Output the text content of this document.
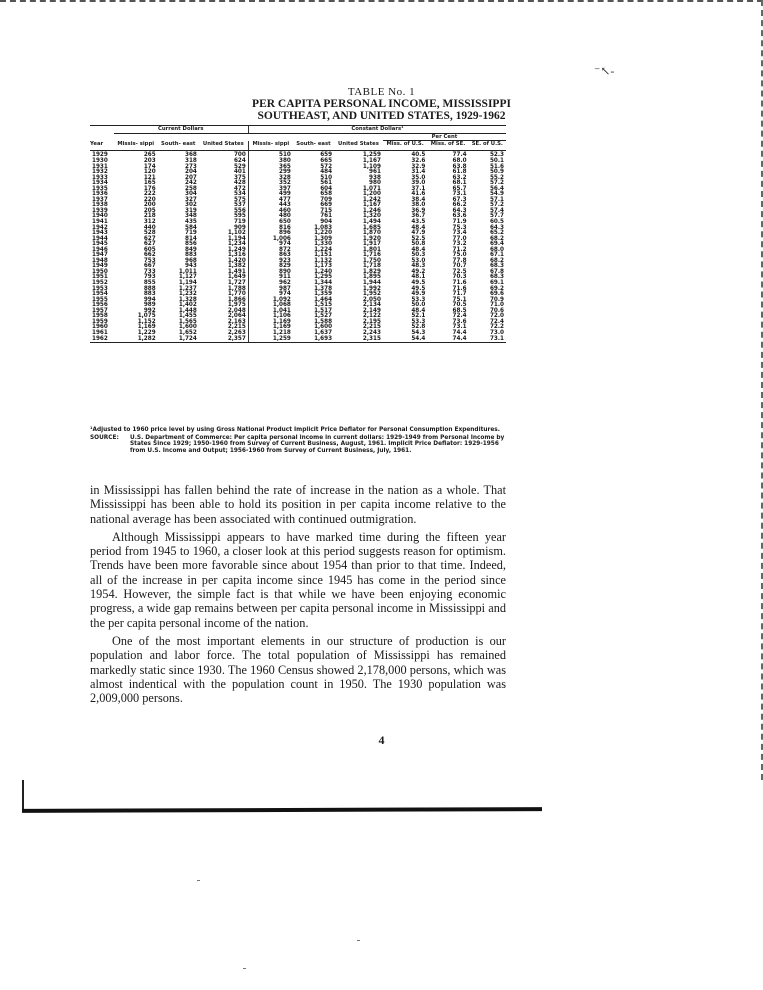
⁻↖-
TABLE No. 1
PER CAPITA PERSONAL INCOME, MISSISSIPPI
SOUTHEAST, AND UNITED STATES, 1929-1962
	Current Dollars			Constant Dollars¹					
							Per Cent		
Year	Missis- sippi	South- east	United States	Missis- sippi	South- east	United States	Miss. of U.S.	Miss. of SE.	SE. of U.S.
1929	265	368	700	510	659	1,259	40.5	77.4	52.3
1930	203	318	624	380	665	1,167	32.6	68.0	50.1
1931	174	273	529	365	572	1,109	32.9	63.8	51.6
1932	120	204	401	299	484	961	31.4	61.8	50.9
1933	121	207	375	328	510	938	35.0	63.2	55.2
1934	165	242	428	352	561	980	39.0	68.1	57.2
1935	176	258	472	397	604	1,071	37.1	65.7	56.4
1936	222	304	534	499	658	1,200	41.6	73.1	54.9
1937	220	327	575	477	709	1,242	38.4	67.3	57.1
1938	200	302	537	443	669	1,167	38.0	66.2	57.2
1939	205	319	556	460	715	1,246	36.9	64.3	57.4
1940	218	348	595	480	761	1,320	36.7	63.6	57.7
1941	312	435	719	650	904	1,494	43.5	71.9	60.5
1942	440	584	909	816	1,083	1,685	48.4	75.3	64.3
1943	528	719	1,102	896	1,220	1,870	47.9	73.4	65.2
1944	627	814	1,194	1,006	1,309	1,920	52.5	77.0	68.2
1945	627	856	1,234	974	1,330	1,917	50.8	73.2	69.4
1946	605	849	1,249	872	1,224	1,801	48.4	71.2	68.0
1947	662	883	1,316	863	1,151	1,716	50.3	75.0	67.1
1948	753	968	1,420	923	1,132	1,750	53.0	77.8	68.2
1949	667	943	1,382	829	1,173	1,718	48.3	70.7	68.3
1950	733	1,011	1,491	890	1,240	1,829	49.2	72.5	67.8
1951	793	1,127	1,649	911	1,295	1,895	48.1	70.3	68.3
1952	855	1,194	1,727	962	1,344	1,944	49.5	71.6	69.1
1953	888	1,237	1,788	987	1,378	1,992	49.5	71.6	69.2
1954	883	1,232	1,770	974	1,359	1,952	49.9	71.7	69.6
1955	994	1,328	1,866	1,092	1,464	2,050	53.3	75.1	70.9
1956	989	1,402	1,975	1,068	1,515	2,134	50.0	70.5	71.0
1957	992	1,448	2,048	1,041	1,517	2,149	48.4	68.5	70.6
1958	1,075	1,455	2,064	1,106	1,527	2,122	52.1	72.4	72.0
1959	1,152	1,565	2,163	1,169	1,588	2,195	53.3	73.6	72.4
1960	1,169	1,600	2,215	1,169	1,600	2,215	52.8	73.1	72.2
1961	1,229	1,652	2,263	1,218	1,637	2,243	54.3	74.4	73.0
1962	1,282	1,724	2,357	1,259	1,693	2,315	54.4	74.4	73.1
¹Adjusted to 1960 price level by using Gross National Product Implicit Price Deflator for Personal Consumption Expenditures.
SOURCE:	U.S. Department of Commerce: Per capita personal income in current dollars: 1929-1949 from Personal Income by States Since 1929; 1950-1960 from Survey of Current Business, August, 1961. Implicit Price Deflator: 1929-1956 from U.S. Income and Output; 1956-1960 from Survey of Current Business, July, 1961.

in Mississippi has fallen behind the rate of increase in the nation as a whole. That Mississippi has been able to hold its position in per capita income relative to the national average has been associated with continued outmigration.

Although Mississippi appears to have marked time during the fifteen year period from 1945 to 1960, a closer look at this period suggests reason for optimism. Trends have been more favorable since about 1954 than prior to that time. Indeed, all of the increase in per capita income since 1945 has come in the period since 1954. However, the simple fact is that while we have been enjoying economic progress, a wide gap remains between per capita personal income in Mississippi and the per capita personal income of the nation.

One of the most important elements in our structure of production is our population and labor force. The total population of Mississippi has remained markedly static since 1930. The 1960 Census showed 2,178,000 persons, which was almost indentical with the population count in 1950. The 1930 population was 2,009,000 persons.

4
